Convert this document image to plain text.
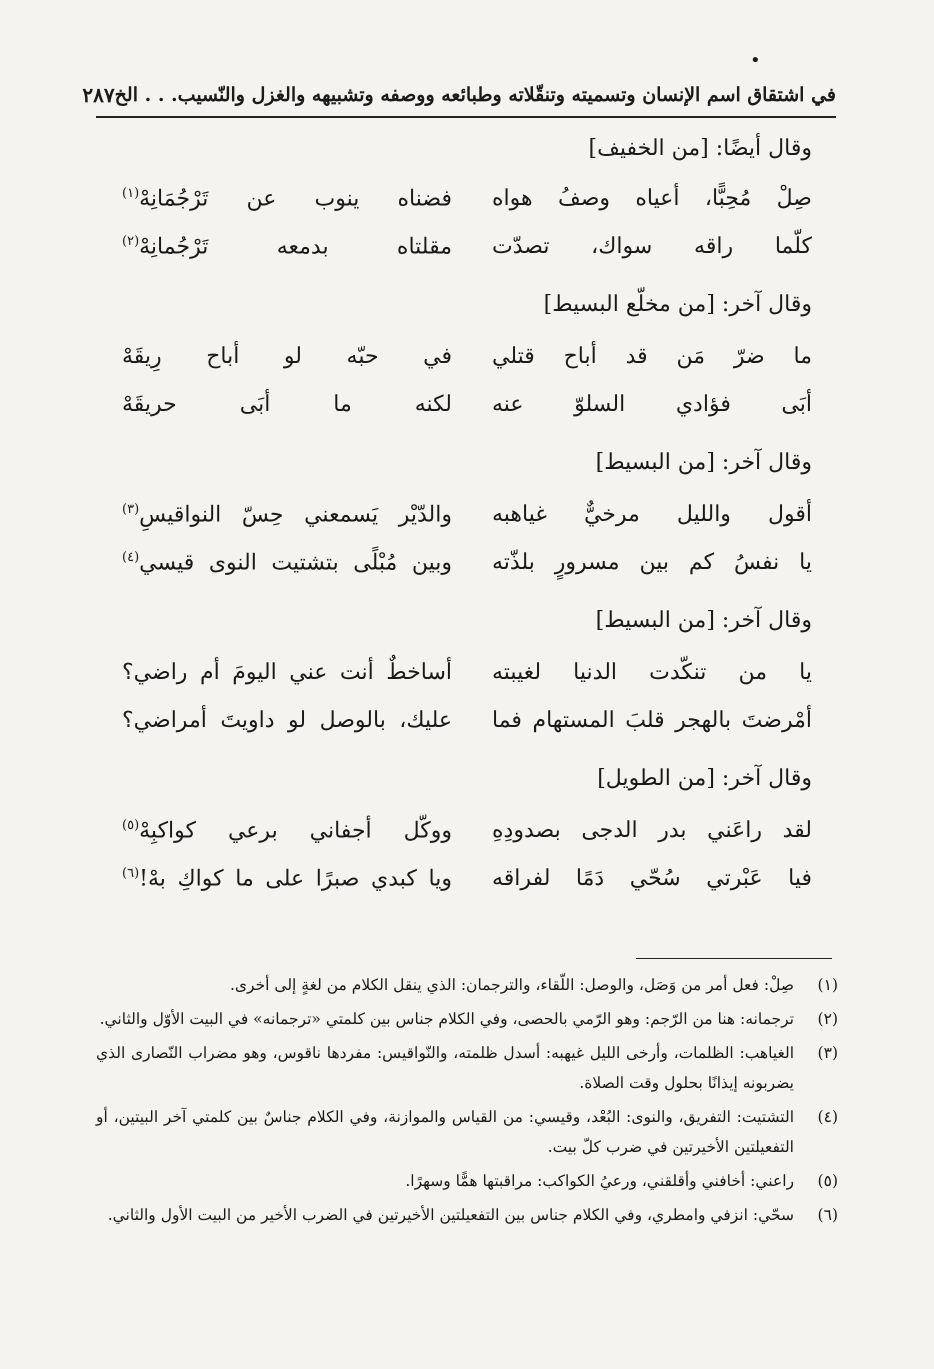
•
في اشتقاق اسم الإنسان وتسميته وتنقّلاته وطبائعه ووصفه وتشبيهه والغزل والنّسيب. . . الخ
٢٨٧
وقال أيضًا: [من الخفيف]
صِلْ مُحِبًّا، أعياه وصفُ هواه
فضناه ينوب عن تَرْجُمَانِهْ$^{(١)}$
كلّما راقه سواك، تصدّت
مقلتاه بدمعه تَرْجُمانِهْ$^{(٢)}$
وقال آخر: [من مخلّع البسيط]
ما ضرّ مَن قد أباح قتلي
في حبّه لو أباح رِيقَهْ
أبَى فؤادي السلوّ عنه
لكنه ما أبَى حريقَهْ
وقال آخر: [من البسيط]
أقول والليل مرخيٌّ غياهبه
والدّيْر يَسمعني حِسّ النواقيسِ$^{(٣)}$
يا نفسُ كم بين مسرورٍ بلذّته
وبين مُبْلًى بتشتيت النوى قيسي$^{(٤)}$
وقال آخر: [من البسيط]
يا من تنكّدت الدنيا لغيبته
أساخطٌ أنت عني اليومَ أم راضي؟
أمْرضتَ بالهجر قلبَ المستهام فما
عليك، بالوصل لو داويتَ أمراضي؟
وقال آخر: [من الطويل]
لقد راعَني بدر الدجى بصدودِهِ
ووكّل أجفاني برعي كواكبِهْ$^{(٥)}$
فيا عَبْرتي سُحّي دَمًا لفراقه
ويا كبدي صبرًا على ما كواكِ بهْ!$^{(٦)}$
(١)
صِلْ: فعل أمر من وَصَل، والوصل: اللّقاء، والترجمان: الذي ينقل الكلام من لغةٍ إلى أخرى.
(٢)
ترجمانه: هنا من الرّجم: وهو الرّمي بالحصى، وفي الكلام جناس بين كلمتي «ترجمانه» في البيت الأوّل والثاني.
(٣)
الغياهب: الظلمات، وأرخى الليل غيهبه: أسدل ظلمته، والنّواقيس: مفردها ناقوس، وهو مضراب النّصارى الذي يضربونه إيذانًا بحلول وقت الصلاة.
(٤)
التشتيت: التفريق، والنوى: البُعْد، وقيسي: من القياس والموازنة، وفي الكلام جناسٌ بين كلمتي آخر البيتين، أو التفعيلتين الأخيرتين في ضرب كلّ بيت.
(٥)
راعني: أخافني وأقلقني، ورعيُ الكواكب: مراقبتها همًّا وسهرًا.
(٦)
سحّي: انزفي وامطري، وفي الكلام جناس بين التفعيلتين الأخيرتين في الضرب الأخير من البيت الأول والثاني.
